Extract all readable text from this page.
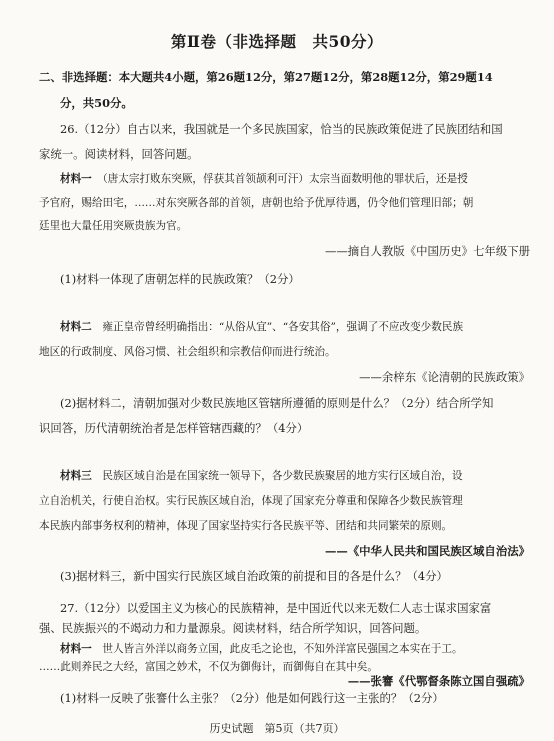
第Ⅱ卷（非选择题　共50分）
二、非选择题：本大题共4小题，第26题12分，第27题12分，第28题12分，第29题14
分，共50分。
26.（12分）自古以来，我国就是一个多民族国家，恰当的民族政策促进了民族团结和国
家统一。阅读材料，回答问题。
材料一　 （唐太宗打败东突厥，俘获其首领颉利可汗）太宗当面数明他的罪状后，还是授
予官府，赐给田宅，……对东突厥各部的首领，唐朝也给予优厚待遇，仍令他们管理旧部；朝
廷里也大量任用突厥贵族为官。
——摘自人教版《中国历史》七年级下册
(1)材料一体现了唐朝怎样的民族政策？（2分）
材料二　 雍正皇帝曾经明确指出：“从俗从宜”、“各安其俗”，强调了不应改变少数民族
地区的行政制度、风俗习惯、社会组织和宗教信仰而进行统治。
——余梓东《论清朝的民族政策》
(2)据材料二，清朝加强对少数民族地区管辖所遵循的原则是什么？（2分）结合所学知
识回答，历代清朝统治者是怎样管辖西藏的？（4分）
材料三　 民族区域自治是在国家统一领导下，各少数民族聚居的地方实行区域自治，设
立自治机关，行使自治权。实行民族区域自治，体现了国家充分尊重和保障各少数民族管理
本民族内部事务权利的精神，体现了国家坚持实行各民族平等、团结和共同繁荣的原则。
——《中华人民共和国民族区域自治法》
(3)据材料三，新中国实行民族区域自治政策的前提和目的各是什么？（4分）
27.（12分）以爱国主义为核心的民族精神，是中国近代以来无数仁人志士谋求国家富
强、民族振兴的不竭动力和力量源泉。阅读材料，结合所学知识，回答问题。
材料一　 世人皆言外洋以商务立国，此皮毛之论也，不知外洋富民强国之本实在于工。
……此则养民之大经，富国之妙术，不仅为御侮计，而御侮自在其中矣。
历史试题　第5页（共7页）
——张謇《代鄂督条陈立国自强疏》
(1)材料一反映了张謇什么主张？（2分）他是如何践行这一主张的？（2分）
